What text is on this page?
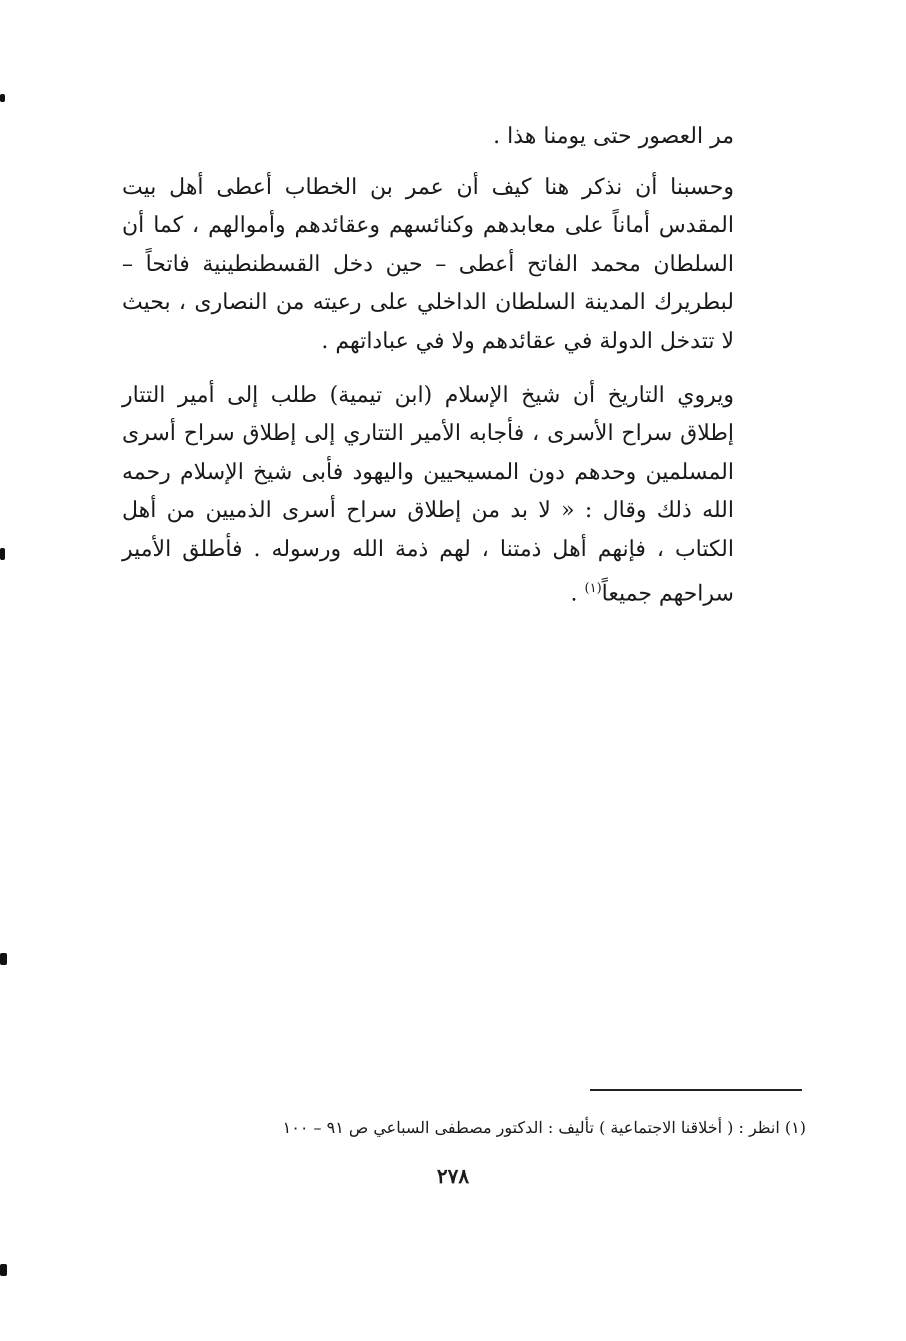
مر العصور حتى يومنا هذا .

وحسبنا أن نذكر هنا كيف أن عمر بن الخطاب أعطى أهل بيت المقدس أماناً على معابدهم وكنائسهم وعقائدهم وأموالهم ، كما أن السلطان محمد الفاتح أعطى – حين دخل القسطنطينية فاتحاً – لبطريرك المدينة السلطان الداخلي على رعيته من النصارى ، بحيث لا تتدخل الدولة في عقائدهم ولا في عباداتهم .

ويروي التاريخ أن شيخ الإسلام (ابن تيمية) طلب إلى أمير التتار إطلاق سراح الأسرى ، فأجابه الأمير التتاري إلى إطلاق سراح أسرى المسلمين وحدهم دون المسيحيين واليهود فأبى شيخ الإسلام رحمه الله ذلك وقال : « لا بد من إطلاق سراح أسرى الذميين من أهل الكتاب ، فإنهم أهل ذمتنا ، لهم ذمة الله ورسوله . فأطلق الأمير سراحهم جميعاً$^{(١)}$ .

(١) انظر : ( أخلاقنا الاجتماعية ) تأليف : الدكتور مصطفى السباعي ص ٩١ – ١٠٠
٢٧٨
